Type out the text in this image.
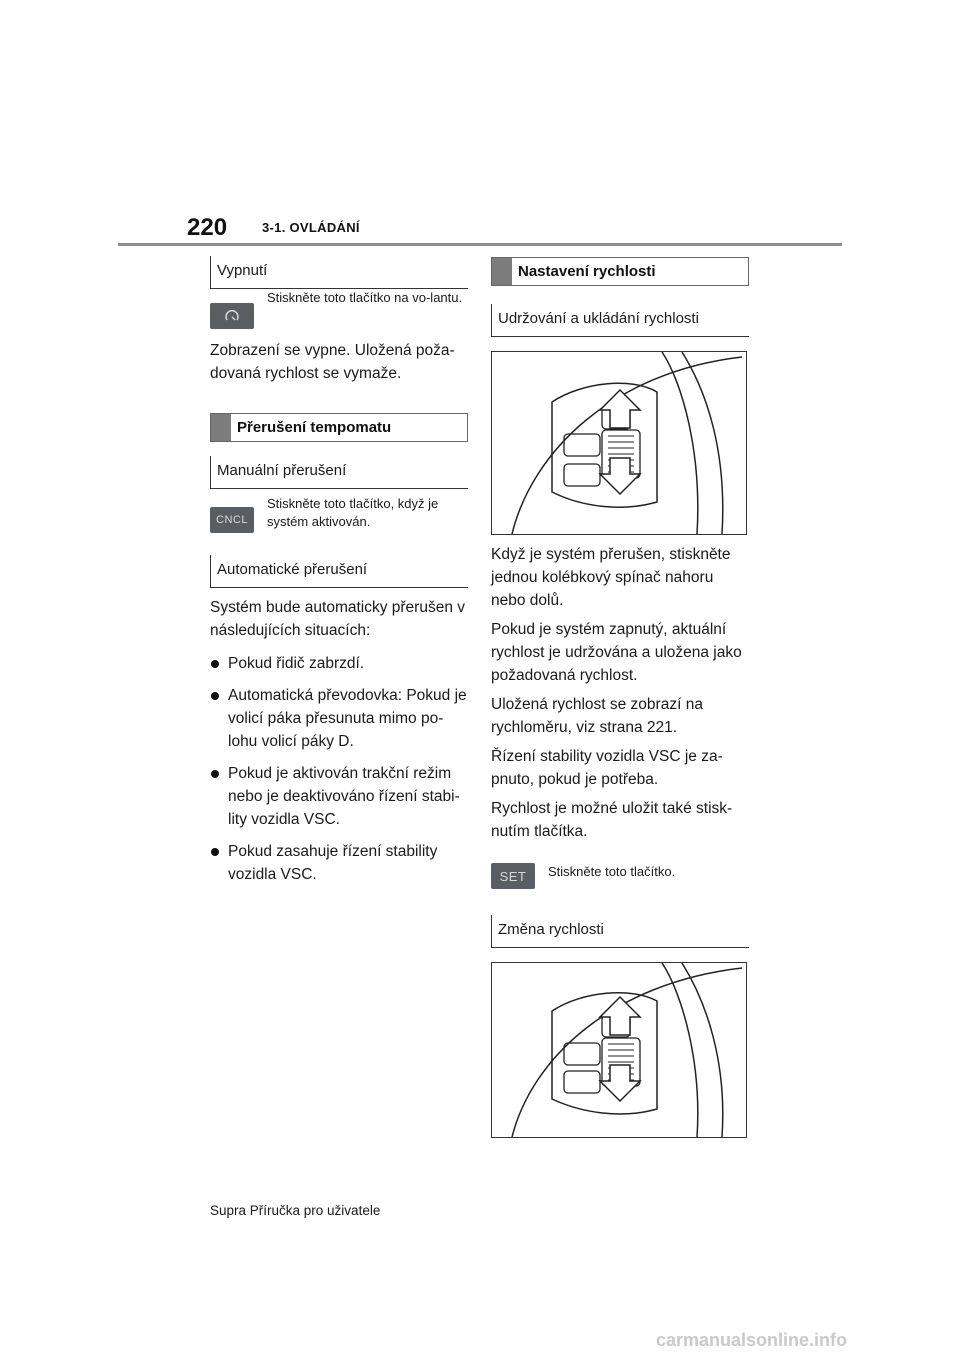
220	3-1. OVLÁDÁNÍ
Vypnutí
Stiskněte toto tlačítko na vo-lantu.
Zobrazení se vypne. Uložená poža-dovaná rychlost se vymaže.
Přerušení tempomatu
Manuální přerušení
CNCL
Stiskněte toto tlačítko, když je systém aktivován.
Automatické přerušení
Systém bude automaticky přerušen v následujících situacích:
Pokud řidič zabrzdí.
Automatická převodovka: Pokud je volicí páka přesunuta mimo po-lohu volicí páky D.
Pokud je aktivován trakční režim nebo je deaktivováno řízení stabi-lity vozidla VSC.
Pokud zasahuje řízení stability vozidla VSC.
Nastavení rychlosti
Udržování a ukládání rychlosti
Když je systém přerušen, stiskněte jednou kolébkový spínač nahoru nebo dolů.
Pokud je systém zapnutý, aktuální rychlost je udržována a uložena jako požadovaná rychlost.
Uložená rychlost se zobrazí na rychloměru, viz strana 221.
Řízení stability vozidla VSC je za-pnuto, pokud je potřeba.
Rychlost je možné uložit také stisk-nutím tlačítka.
SET	Stiskněte toto tlačítko.
Změna rychlosti
Supra Příručka pro uživatele
carmanualsonline.info
